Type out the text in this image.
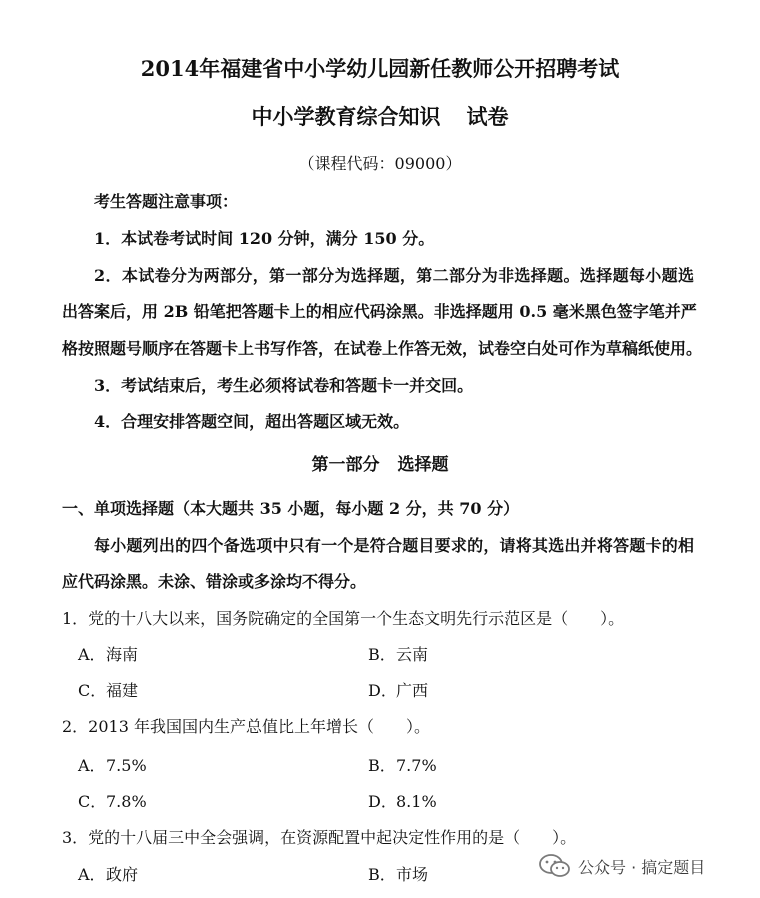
2014年福建省中小学幼儿园新任教师公开招聘考试
中小学教育综合知识 试卷
（课程代码：09000）
考生答题注意事项：
1．本试卷考试时间 120 分钟，满分 150 分。
2．本试卷分为两部分，第一部分为选择题，第二部分为非选择题。选择题每小题选
出答案后，用 2B 铅笔把答题卡上的相应代码涂黑。非选择题用 0.5 毫米黑色签字笔并严
格按照题号顺序在答题卡上书写作答，在试卷上作答无效，试卷空白处可作为草稿纸使用。
3．考试结束后，考生必须将试卷和答题卡一并交回。
4．合理安排答题空间，超出答题区域无效。
第一部分 选择题
一、单项选择题（本大题共 35 小题，每小题 2 分，共 70 分）
每小题列出的四个备选项中只有一个是符合题目要求的，请将其选出并将答题卡的相
应代码涂黑。未涂、错涂或多涂均不得分。
1．党的十八大以来，国务院确定的全国第一个生态文明先行示范区是（　　）。
A．海南	B．云南
C．福建	D．广西
2．2013 年我国国内生产总值比上年增长（　　）。
A．7.5%	B．7.7%
C．7.8%	D．8.1%
3．党的十八届三中全会强调，在资源配置中起决定性作用的是（　　）。
A．政府	B．市场	公众号 · 搞定题目
